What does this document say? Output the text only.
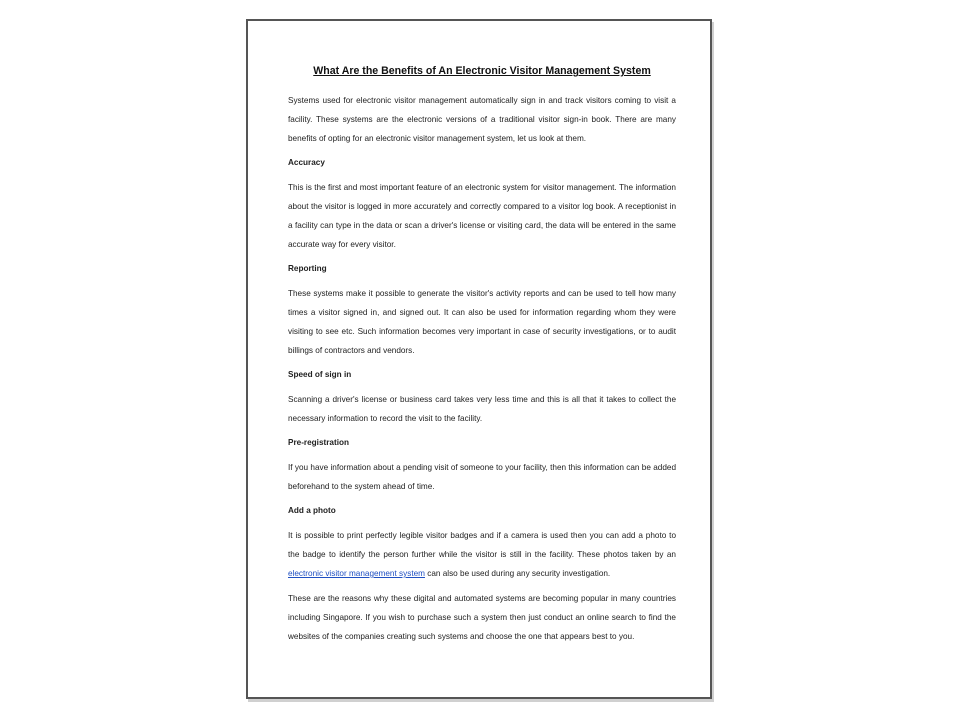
What Are the Benefits of An Electronic Visitor Management System

Systems used for electronic visitor management automatically sign in and track visitors coming to visit a facility. These systems are the electronic versions of a traditional visitor sign-in book. There are many benefits of opting for an electronic visitor management system, let us look at them.

Accuracy

This is the first and most important feature of an electronic system for visitor management. The information about the visitor is logged in more accurately and correctly compared to a visitor log book. A receptionist in a facility can type in the data or scan a driver's license or visiting card, the data will be entered in the same accurate way for every visitor.

Reporting

These systems make it possible to generate the visitor's activity reports and can be used to tell how many times a visitor signed in, and signed out. It can also be used for information regarding whom they were visiting to see etc. Such information becomes very important in case of security investigations, or to audit billings of contractors and vendors.

Speed of sign in

Scanning a driver's license or business card takes very less time and this is all that it takes to collect the necessary information to record the visit to the facility.

Pre-registration

If you have information about a pending visit of someone to your facility, then this information can be added beforehand to the system ahead of time.

Add a photo

It is possible to print perfectly legible visitor badges and if a camera is used then you can add a photo to the badge to identify the person further while the visitor is still in the facility. These photos taken by an electronic visitor management system can also be used during any security investigation.

These are the reasons why these digital and automated systems are becoming popular in many countries including Singapore. If you wish to purchase such a system then just conduct an online search to find the websites of the companies creating such systems and choose the one that appears best to you.
